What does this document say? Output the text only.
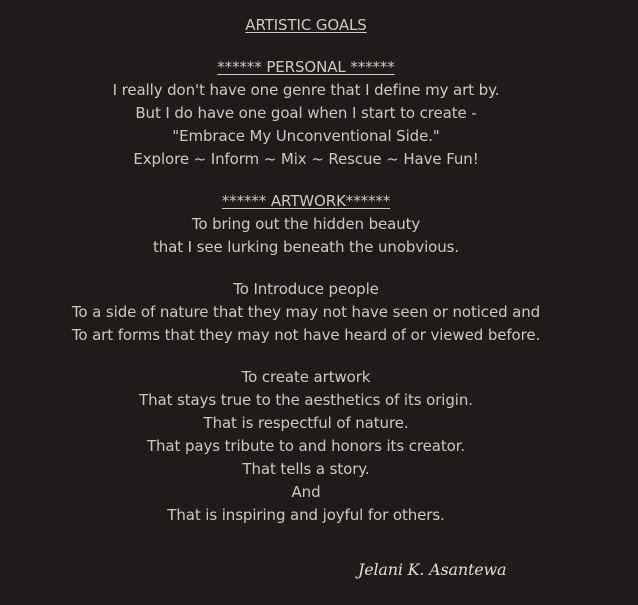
ARTISTIC GOALS

****** PERSONAL ******

I really don't have one genre that I define my art by.
But I do have one goal when I start to create -
"Embrace My Unconventional Side."
Explore ~ Inform ~ Mix ~ Rescue ~ Have Fun!

****** ARTWORK******

To bring out the hidden beauty
that I see lurking beneath the unobvious.
To Introduce people
To a side of nature that they may not have seen or noticed and
To art forms that they may not have heard of or viewed before.
To create artwork
That stays true to the aesthetics of its origin.
That is respectful of nature.
That pays tribute to and honors its creator.
That tells a story.
And
That is inspiring and joyful for others.
Jelani K. Asantewa
